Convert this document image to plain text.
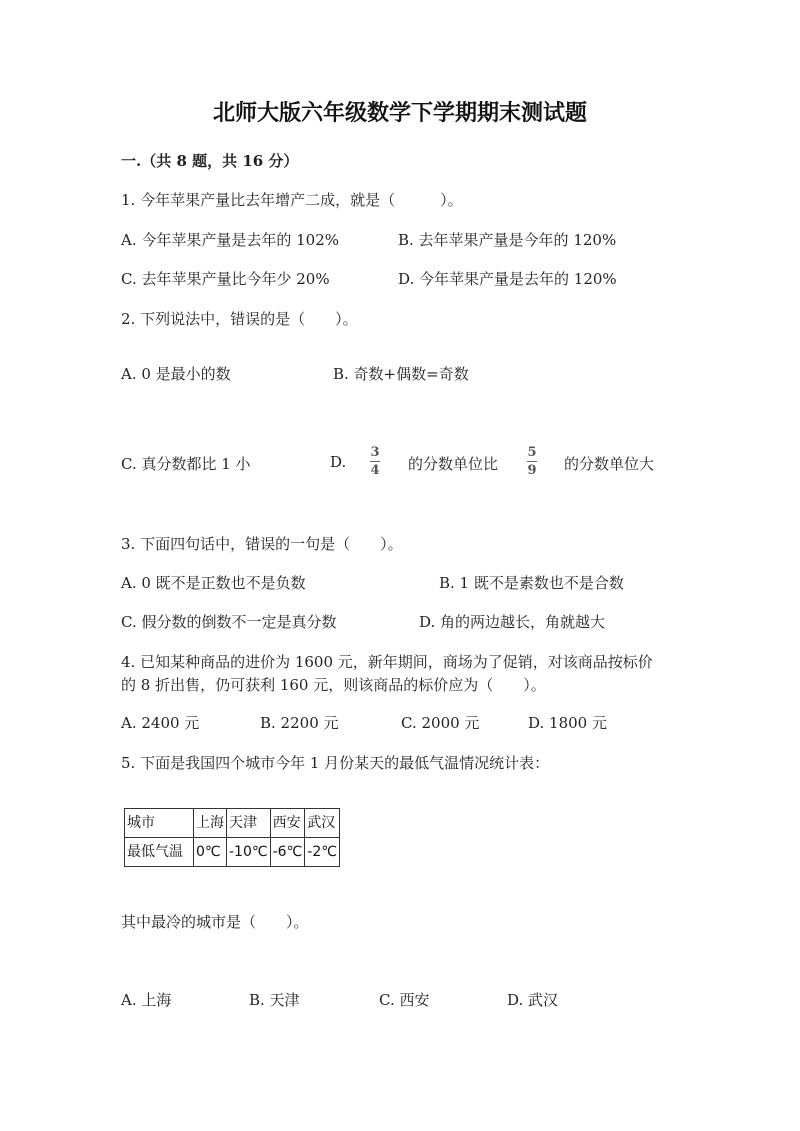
北师大版六年级数学下学期期末测试题
一.（共 8 题，共 16 分）
1. 今年苹果产量比去年增产二成，就是（　　　）。
A. 今年苹果产量是去年的 102%	B. 去年苹果产量是今年的 120%
C. 去年苹果产量比今年少 20%	D. 今年苹果产量是去年的 120%
2. 下列说法中，错误的是（　　）。
A. 0 是最小的数	B. 奇数+偶数=奇数
C. 真分数都比 1 小	D.
3
4 的分数单位比
5
9 的分数单位大
3. 下面四句话中，错误的一句是（　　）。
A. 0 既不是正数也不是负数	B. 1 既不是素数也不是合数
C. 假分数的倒数不一定是真分数	D. 角的两边越长，角就越大
4. 已知某种商品的进价为 1600 元，新年期间，商场为了促销，对该商品按标价
的 8 折出售，仍可获利 160 元，则该商品的标价应为（　　）。
A. 2400 元	B. 2200 元	C. 2000 元	D. 1800 元
5. 下面是我国四个城市今年 1 月份某天的最低气温情况统计表：
城市	上海	天津	西安	武汉
最低气温	0℃	-10℃	-6℃	-2℃
其中最冷的城市是（　　）。
A. 上海	B. 天津	C. 西安	D. 武汉
